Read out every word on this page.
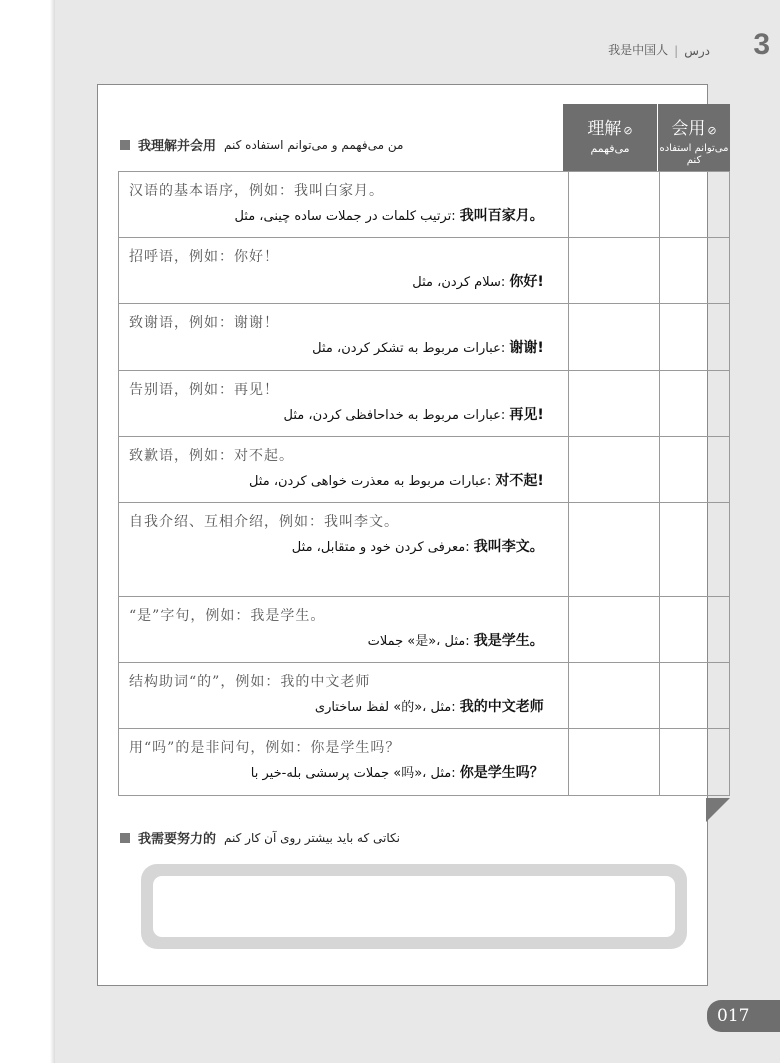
我是中国人 | درس 3
理解 ⊘
می‌فهمم
会用 ⊘
می‌توانم استفاده کنم
我理解并会用 من می‌فهمم و می‌توانم استفاده کنم
汉语的基本语序，例如：我叫白家月。
ترتیب کلمات در جملات ساده چینی، مثل: 我叫百家月。		

招呼语，例如：你好！
سلام کردن، مثل: 你好!		

致谢语，例如：谢谢！
عبارات مربوط به تشکر کردن، مثل: 谢谢!		

告别语，例如：再见！
عبارات مربوط به خداحافظی کردن، مثل: 再见!		

致歉语，例如：对不起。
عبارات مربوط به معذرت خواهی کردن، مثل: 对不起!		

自我介绍、互相介绍，例如：我叫李文。
معرفی کردن خود و متقابل، مثل: 我叫李文。		

“是”字句，例如：我是学生。
جملات «是»، مثل: 我是学生。		

结构助词“的”，例如：我的中文老师
لفظ ساختاری «的»، مثل: 我的中文老师		

用“吗”的是非问句，例如：你是学生吗？
جملات پرسشی بله-خیر با «吗»، مثل: 你是学生吗？		

我需要努力的 نکاتی که باید بیشتر روی آن کار کنم
017
